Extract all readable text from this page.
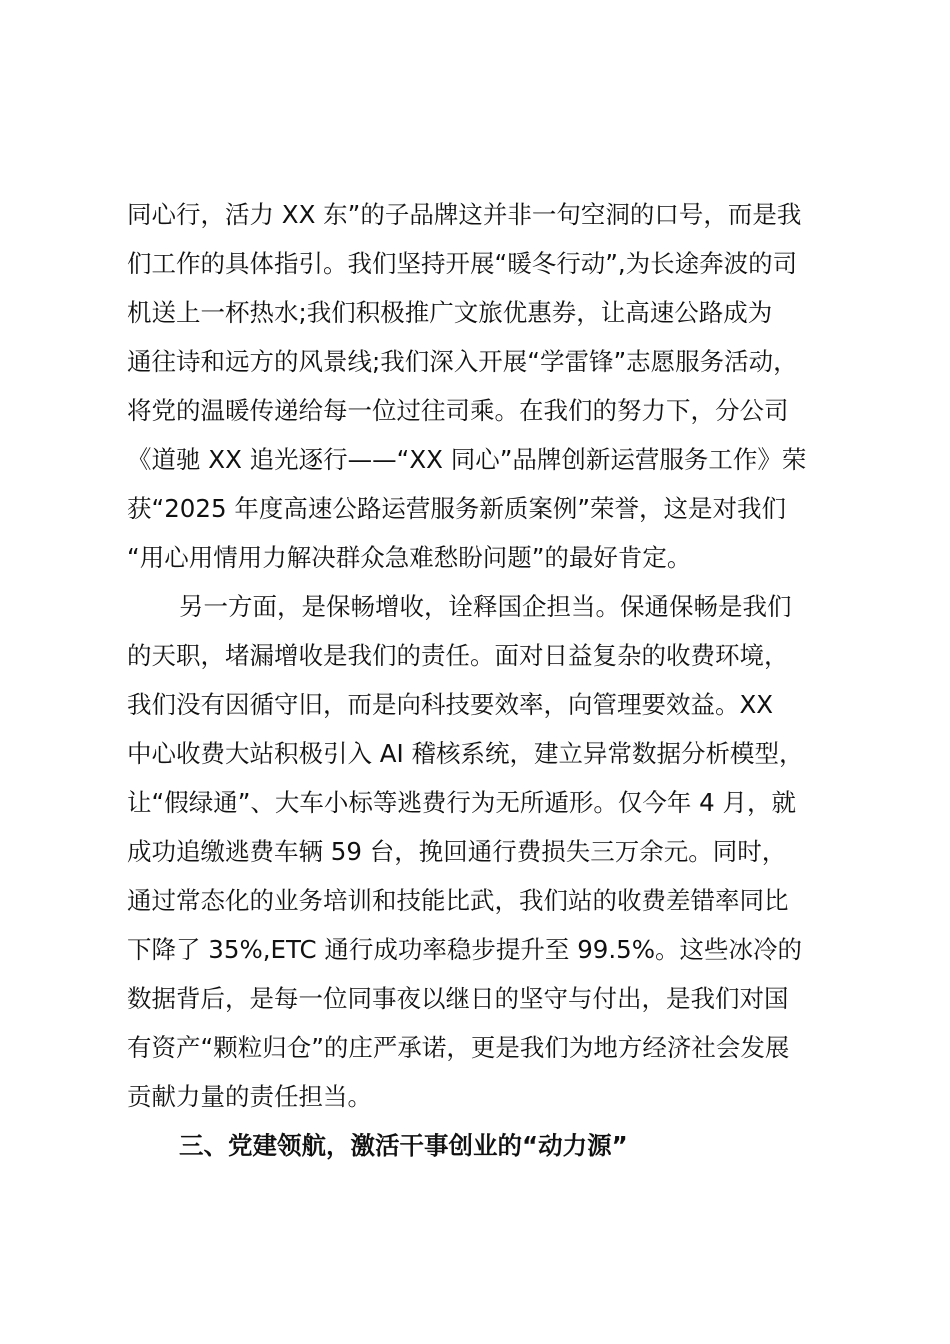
同心行，活力 XX 东”的子品牌这并非一句空洞的口号，而是我
们工作的具体指引。我们坚持开展“暖冬行动”,为长途奔波的司
机送上一杯热水;我们积极推广文旅优惠券，让高速公路成为
通往诗和远方的风景线;我们深入开展“学雷锋”志愿服务活动，
将党的温暖传递给每一位过往司乘。在我们的努力下，分公司
《道驰 XX 追光逐行——“XX 同心”品牌创新运营服务工作》荣
获“2025 年度高速公路运营服务新质案例”荣誉，这是对我们
“用心用情用力解决群众急难愁盼问题”的最好肯定。
另一方面，是保畅增收，诠释国企担当。保通保畅是我们
的天职，堵漏增收是我们的责任。面对日益复杂的收费环境，
我们没有因循守旧，而是向科技要效率，向管理要效益。XX
中心收费大站积极引入 AI 稽核系统，建立异常数据分析模型，
让“假绿通”、大车小标等逃费行为无所遁形。仅今年 4 月，就
成功追缴逃费车辆 59 台，挽回通行费损失三万余元。同时，
通过常态化的业务培训和技能比武，我们站的收费差错率同比
下降了 35%,ETC 通行成功率稳步提升至 99.5%。这些冰冷的
数据背后，是每一位同事夜以继日的坚守与付出，是我们对国
有资产“颗粒归仓”的庄严承诺，更是我们为地方经济社会发展
贡献力量的责任担当。
三、党建领航，激活干事创业的“动力源”
